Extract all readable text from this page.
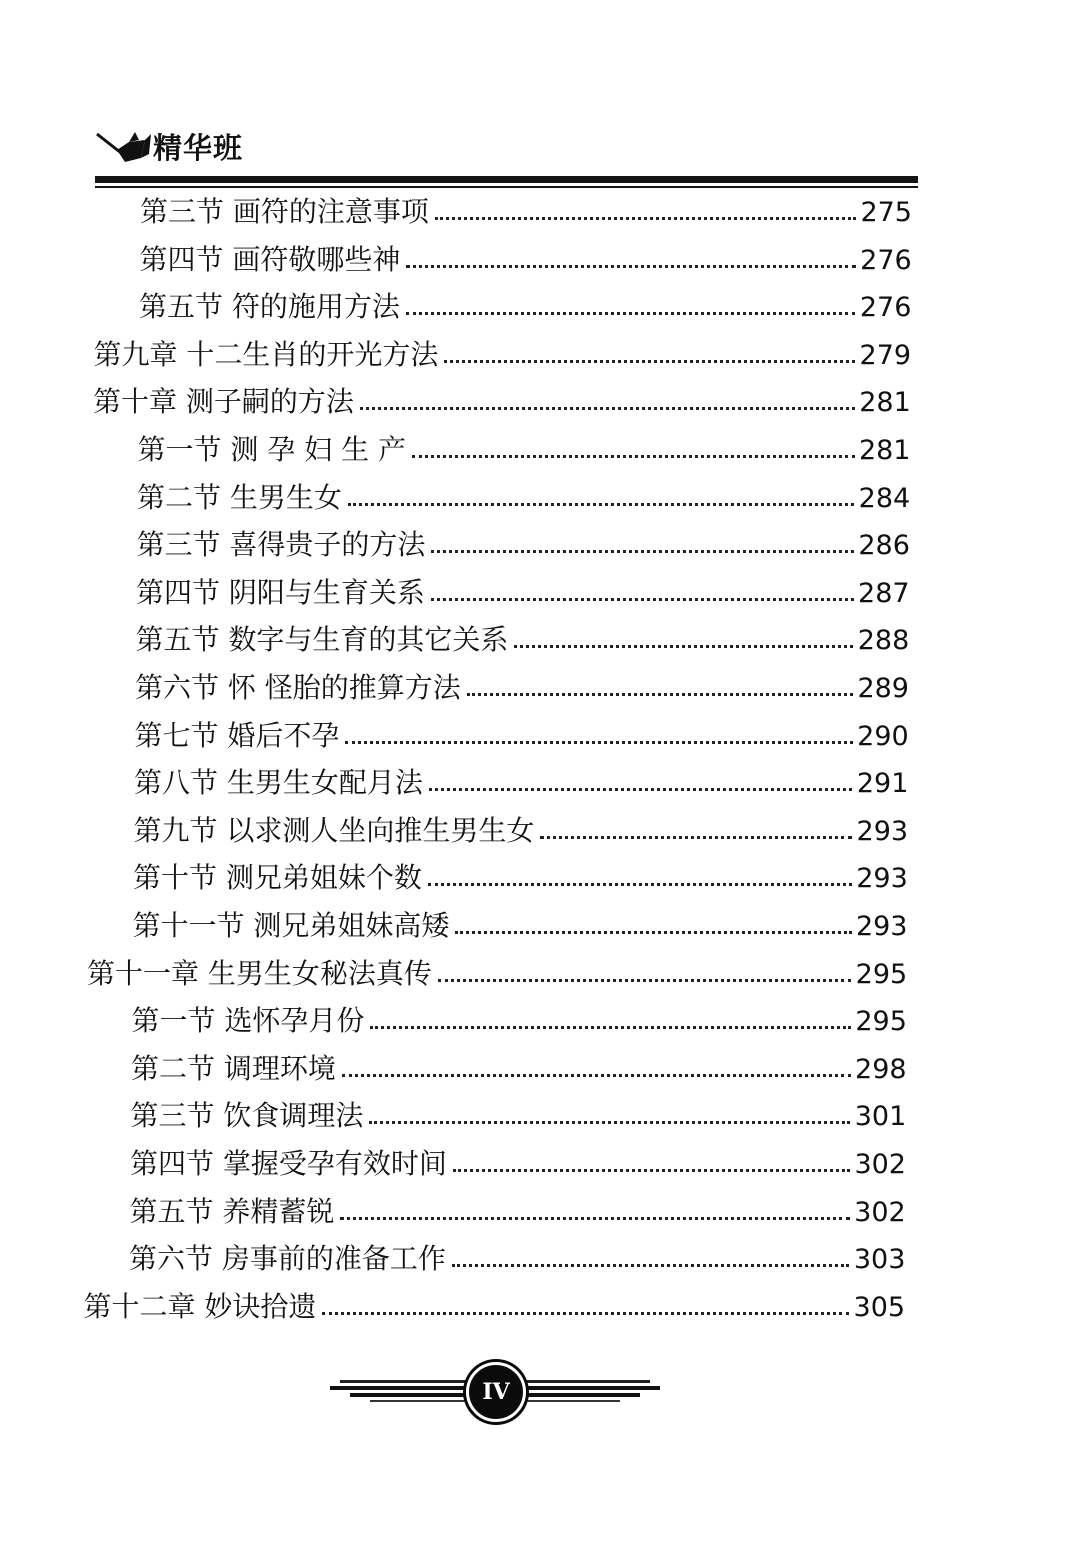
精华班
第三节 画符的注意事项	275
第四节 画符敬哪些神	276
第五节 符的施用方法	276
第九章 十二生肖的开光方法	279
第十章 测子嗣的方法	281
第一节 测 孕 妇 生 产	281
第二节 生男生女	284
第三节 喜得贵子的方法	286
第四节 阴阳与生育关系	287
第五节 数字与生育的其它关系	288
第六节 怀 怪胎的推算方法	289
第七节 婚后不孕	290
第八节 生男生女配月法	291
第九节 以求测人坐向推生男生女	293
第十节 测兄弟姐妹个数	293
第十一节 测兄弟姐妹高矮	293
第十一章 生男生女秘法真传	295
第一节 选怀孕月份	295
第二节 调理环境	298
第三节 饮食调理法	301
第四节 掌握受孕有效时间	302
第五节 养精蓄锐	302
第六节 房事前的准备工作	303
第十二章 妙诀拾遗	305
IV
